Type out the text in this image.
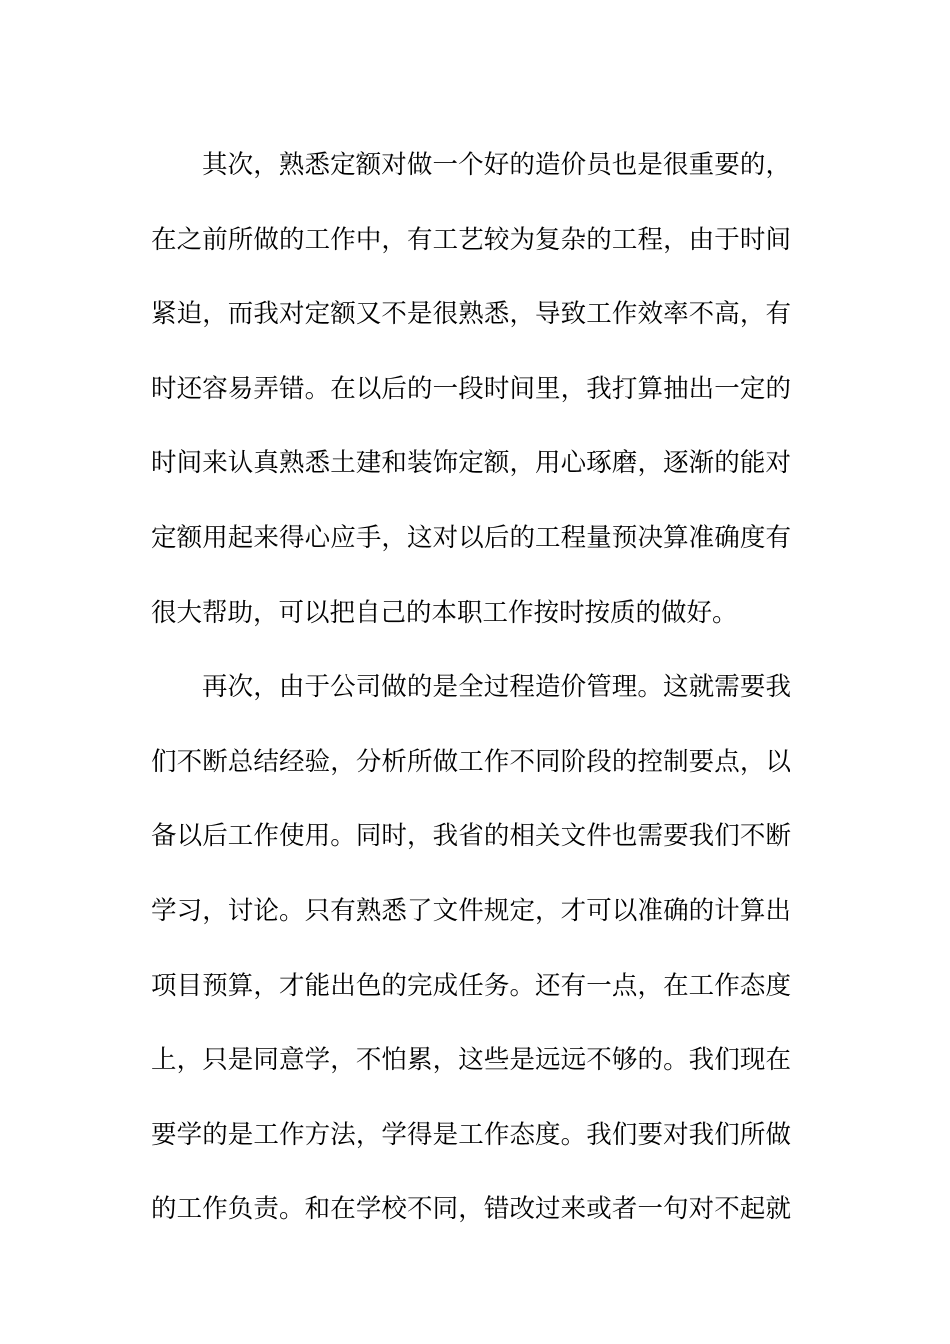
其次，熟悉定额对做一个好的造价员也是很重要的，
在之前所做的工作中，有工艺较为复杂的工程，由于时间
紧迫，而我对定额又不是很熟悉，导致工作效率不高，有
时还容易弄错。在以后的一段时间里，我打算抽出一定的
时间来认真熟悉土建和装饰定额，用心琢磨，逐渐的能对
定额用起来得心应手，这对以后的工程量预决算准确度有
很大帮助，可以把自己的本职工作按时按质的做好。
再次，由于公司做的是全过程造价管理。这就需要我
们不断总结经验，分析所做工作不同阶段的控制要点，以
备以后工作使用。同时，我省的相关文件也需要我们不断
学习，讨论。只有熟悉了文件规定，才可以准确的计算出
项目预算，才能出色的完成任务。还有一点，在工作态度
上，只是同意学，不怕累，这些是远远不够的。我们现在
要学的是工作方法，学得是工作态度。我们要对我们所做
的工作负责。和在学校不同，错改过来或者一句对不起就
